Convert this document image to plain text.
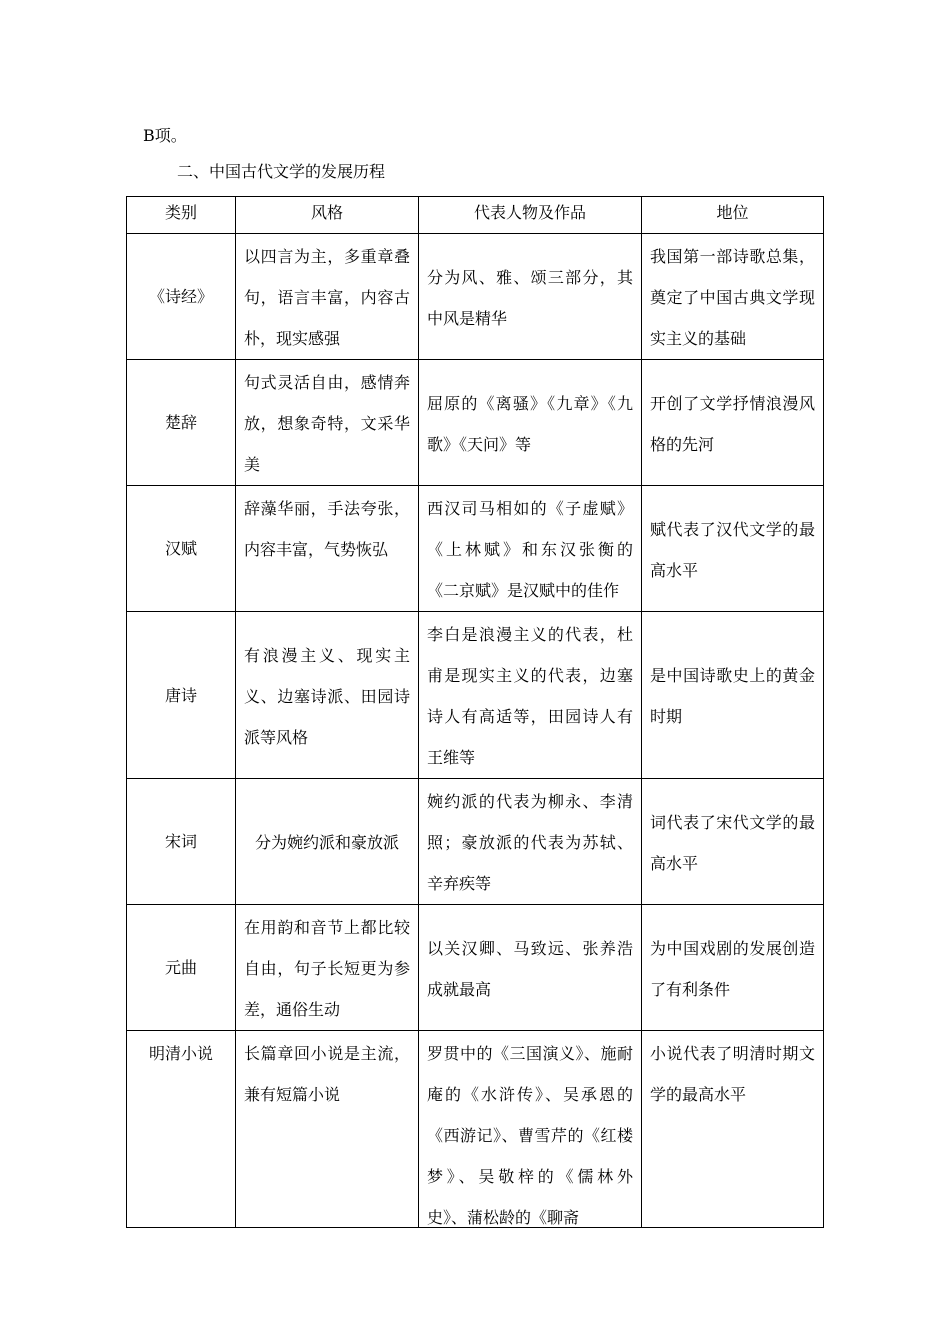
B项。
二、中国古代文学的发展历程
类别	风格	代表人物及作品	地位
《诗经》	以四言为主，多重章叠句，语言丰富，内容古朴，现实感强	分为风、雅、颂三部分，其中风是精华	我国第一部诗歌总集，奠定了中国古典文学现实主义的基础
楚辞	句式灵活自由，感情奔放，想象奇特，文采华美	屈原的《离骚》《九章》《九歌》《天问》等	开创了文学抒情浪漫风格的先河
汉赋	辞藻华丽，手法夸张，内容丰富，气势恢弘	西汉司马相如的《子虚赋》《上林赋》和东汉张衡的《二京赋》是汉赋中的佳作	赋代表了汉代文学的最高水平
唐诗	有浪漫主义、现实主义、边塞诗派、田园诗派等风格	李白是浪漫主义的代表，杜甫是现实主义的代表，边塞诗人有高适等，田园诗人有王维等	是中国诗歌史上的黄金时期
宋词	分为婉约派和豪放派	婉约派的代表为柳永、李清照；豪放派的代表为苏轼、辛弃疾等	词代表了宋代文学的最高水平
元曲	在用韵和音节上都比较自由，句子长短更为参差，通俗生动	以关汉卿、马致远、张养浩成就最高	为中国戏剧的发展创造了有利条件
明清小说	长篇章回小说是主流，兼有短篇小说	罗贯中的《三国演义》、施耐庵的《水浒传》、吴承恩的《西游记》、曹雪芹的《红楼梦》、吴敬梓的《儒林外史》、蒲松龄的《聊斋	小说代表了明清时期文学的最高水平
